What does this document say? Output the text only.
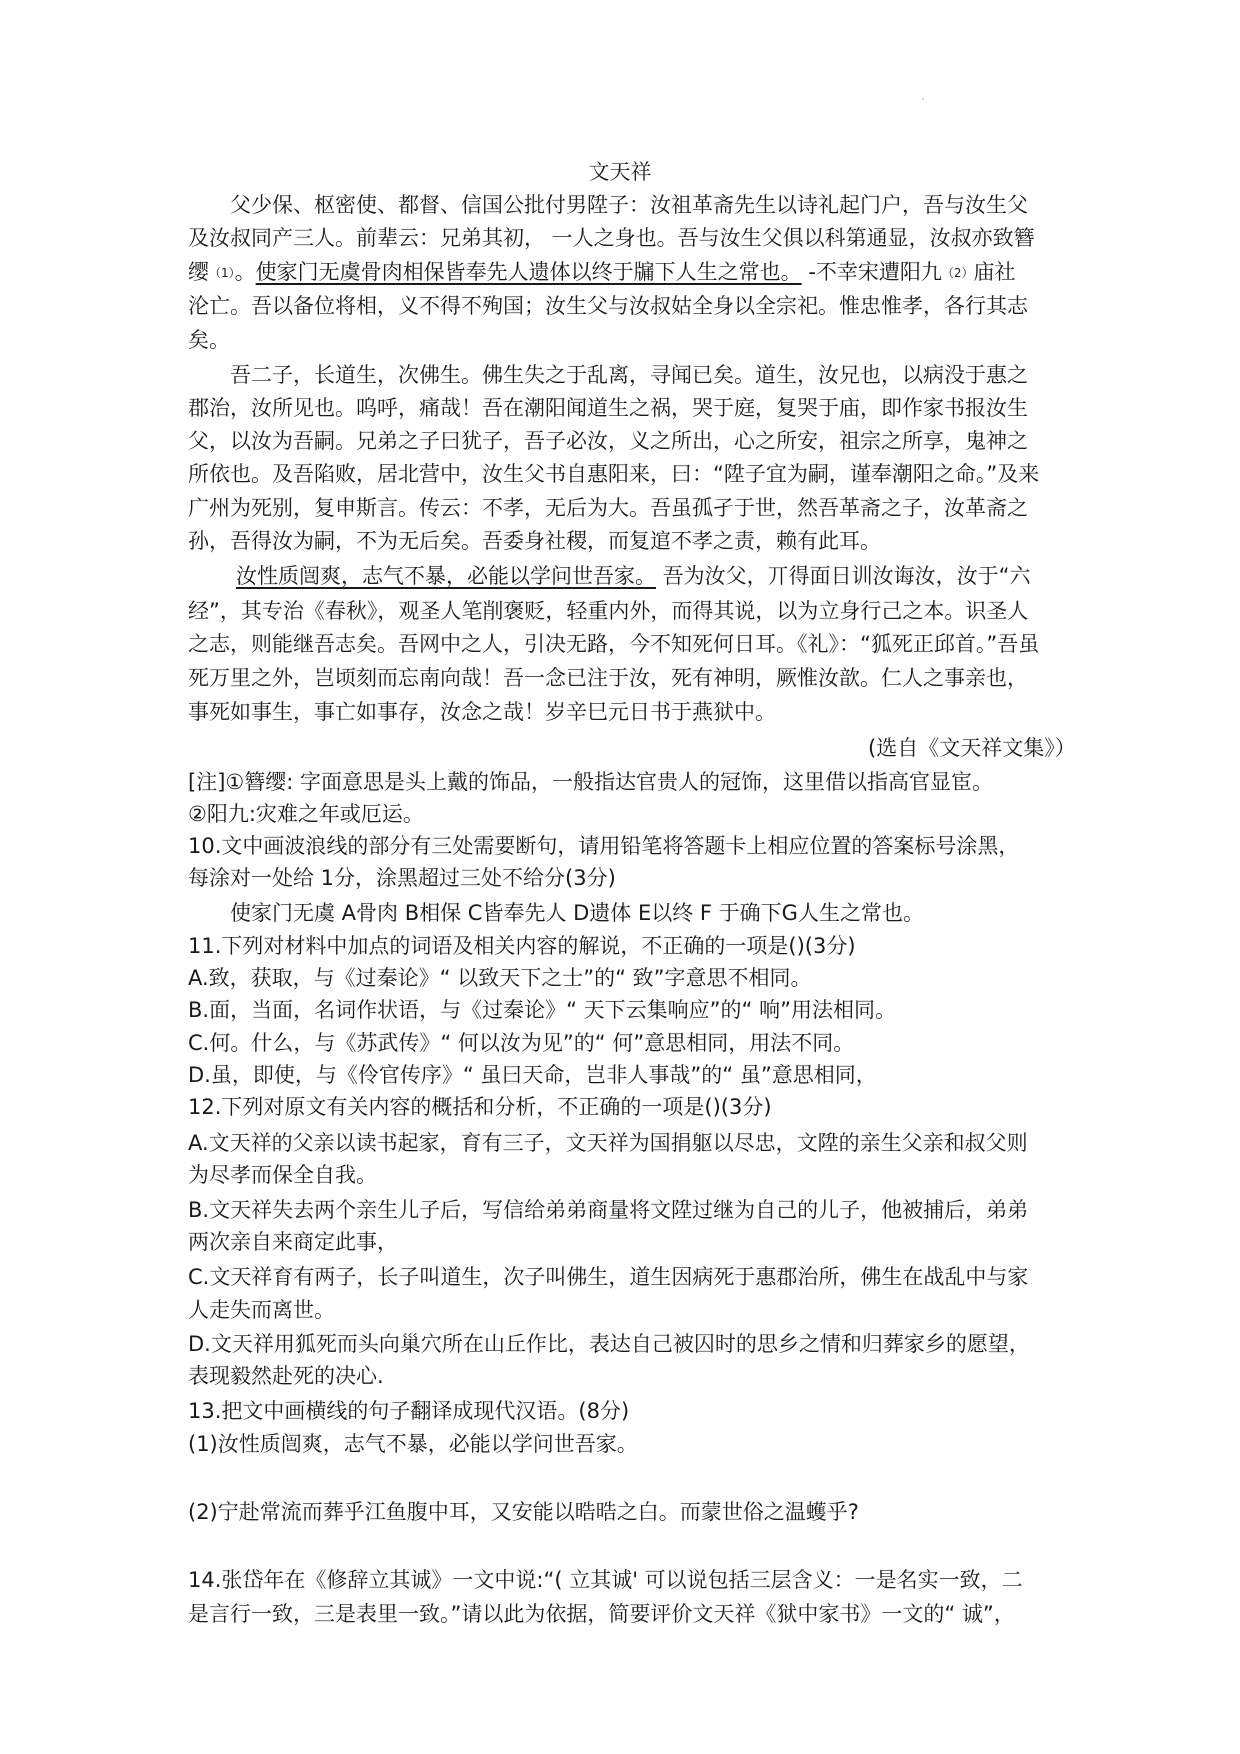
'
文天祥
父少保、枢密使、都督、信国公批付男陞子：汝祖革斋先生以诗礼起门户，吾与汝生父
及汝叔同产三人。前辈云：兄弟其初， 一人之身也。吾与汝生父俱以科第通显，汝叔亦致簪
缨$^{(1)}$。使家门无虞骨肉相保皆奉先人遗体以终于牖下人生之常也。 -不幸宋遭阳九$^{(2)}$庙社
沦亡。吾以备位将相，义不得不殉国；汝生父与汝叔姑全身以全宗祀。惟忠惟孝，各行其志
矣。
吾二子，长道生，次佛生。佛生失之于乱离，寻闻已矣。道生，汝兄也，以病没于惠之
郡治，汝所见也。呜呼，痛哉！吾在潮阳闻道生之祸，哭于庭，复哭于庙，即作家书报汝生
父，以汝为吾嗣。兄弟之子曰犹子，吾子必汝，义之所出，心之所安，祖宗之所享，鬼神之
所依也。及吾陷败，居北营中，汝生父书自惠阳来，曰：“陞子宜为嗣，谨奉潮阳之命。”及来
广州为死别，复申斯言。传云：不孝，无后为大。吾虽孤孑于世，然吾革斋之子，汝革斋之
孙，吾得汝为嗣，不为无后矣。吾委身社稷，而复逭不孝之责，赖有此耳。
汝性质闿爽，志气不暴，必能以学问世吾家。 吾为汝父，丌得面日训汝诲汝，汝于“六
经”，其专治《春秋》，观圣人笔削褒贬，轻重内外，而得其说，以为立身行己之本。识圣人
之志，则能继吾志矣。吾网中之人，引决无路，今不知死何日耳。《礼》：“狐死正邱首。”吾虽
死万里之外，岂顷刻而忘南向哉！吾一念已注于汝，死有神明，厥惟汝歆。仁人之事亲也，
事死如事生，事亡如事存，汝念之哉！岁辛巳元日书于燕狱中。
(选自《文天祥文集》）
[注]①簪缨: 字面意思是头上戴的饰品，一般指达官贵人的冠饰，这里借以指高官显宦。
②阳九:灾难之年或厄运。
10.文中画波浪线的部分有三处需要断句，请用铅笔将答题卡上相应位置的答案标号涂黑，
每涂对一处给 1分，涂黑超过三处不给分(3分)
使家门无虞 A骨肉 B相保 C皆奉先人 D遗体 E以终 F 于确下G人生之常也。
11.下列对材料中加点的词语及相关内容的解说，不正确的一项是()(3分)
A.致，获取，与《过秦论》“ 以致天下之士”的“ 致”字意思不相同。
B.面，当面，名词作状语，与《过秦论》“ 天下云集响应”的“ 响”用法相同。
C.何。什么，与《苏武传》“ 何以汝为见”的“ 何”意思相同，用法不同。
D.虽，即使，与《伶官传序》“ 虽曰天命，岂非人事哉”的“ 虽”意思相同，
12.下列对原文有关内容的概括和分析，不正确的一项是()(3分)
A.文天祥的父亲以读书起家，育有三子，文天祥为国捐躯以尽忠，文陞的亲生父亲和叔父则
为尽孝而保全自我。
B.文天祥失去两个亲生儿子后，写信给弟弟商量将文陞过继为自己的儿子，他被捕后，弟弟
两次亲自来商定此事，
C.文天祥育有两子，长子叫道生，次子叫佛生，道生因病死于惠郡治所，佛生在战乱中与家
人走失而离世。
D.文天祥用狐死而头向巢穴所在山丘作比，表达自己被囚时的思乡之情和归葬家乡的愿望，
表现毅然赴死的决心.
13.把文中画横线的句子翻译成现代汉语。(8分)
(1)汝性质闿爽，志气不暴，必能以学问世吾家。
(2)宁赴常流而葬乎江鱼腹中耳，又安能以晧晧之白。而蒙世俗之温蠖乎?
14.张岱年在《修辞立其诚》一文中说:“( 立其诚' 可以说包括三层含义：一是名实一致，二
是言行一致，三是表里一致。”请以此为依据，简要评价文天祥《狱中家书》一文的“ 诚”，
